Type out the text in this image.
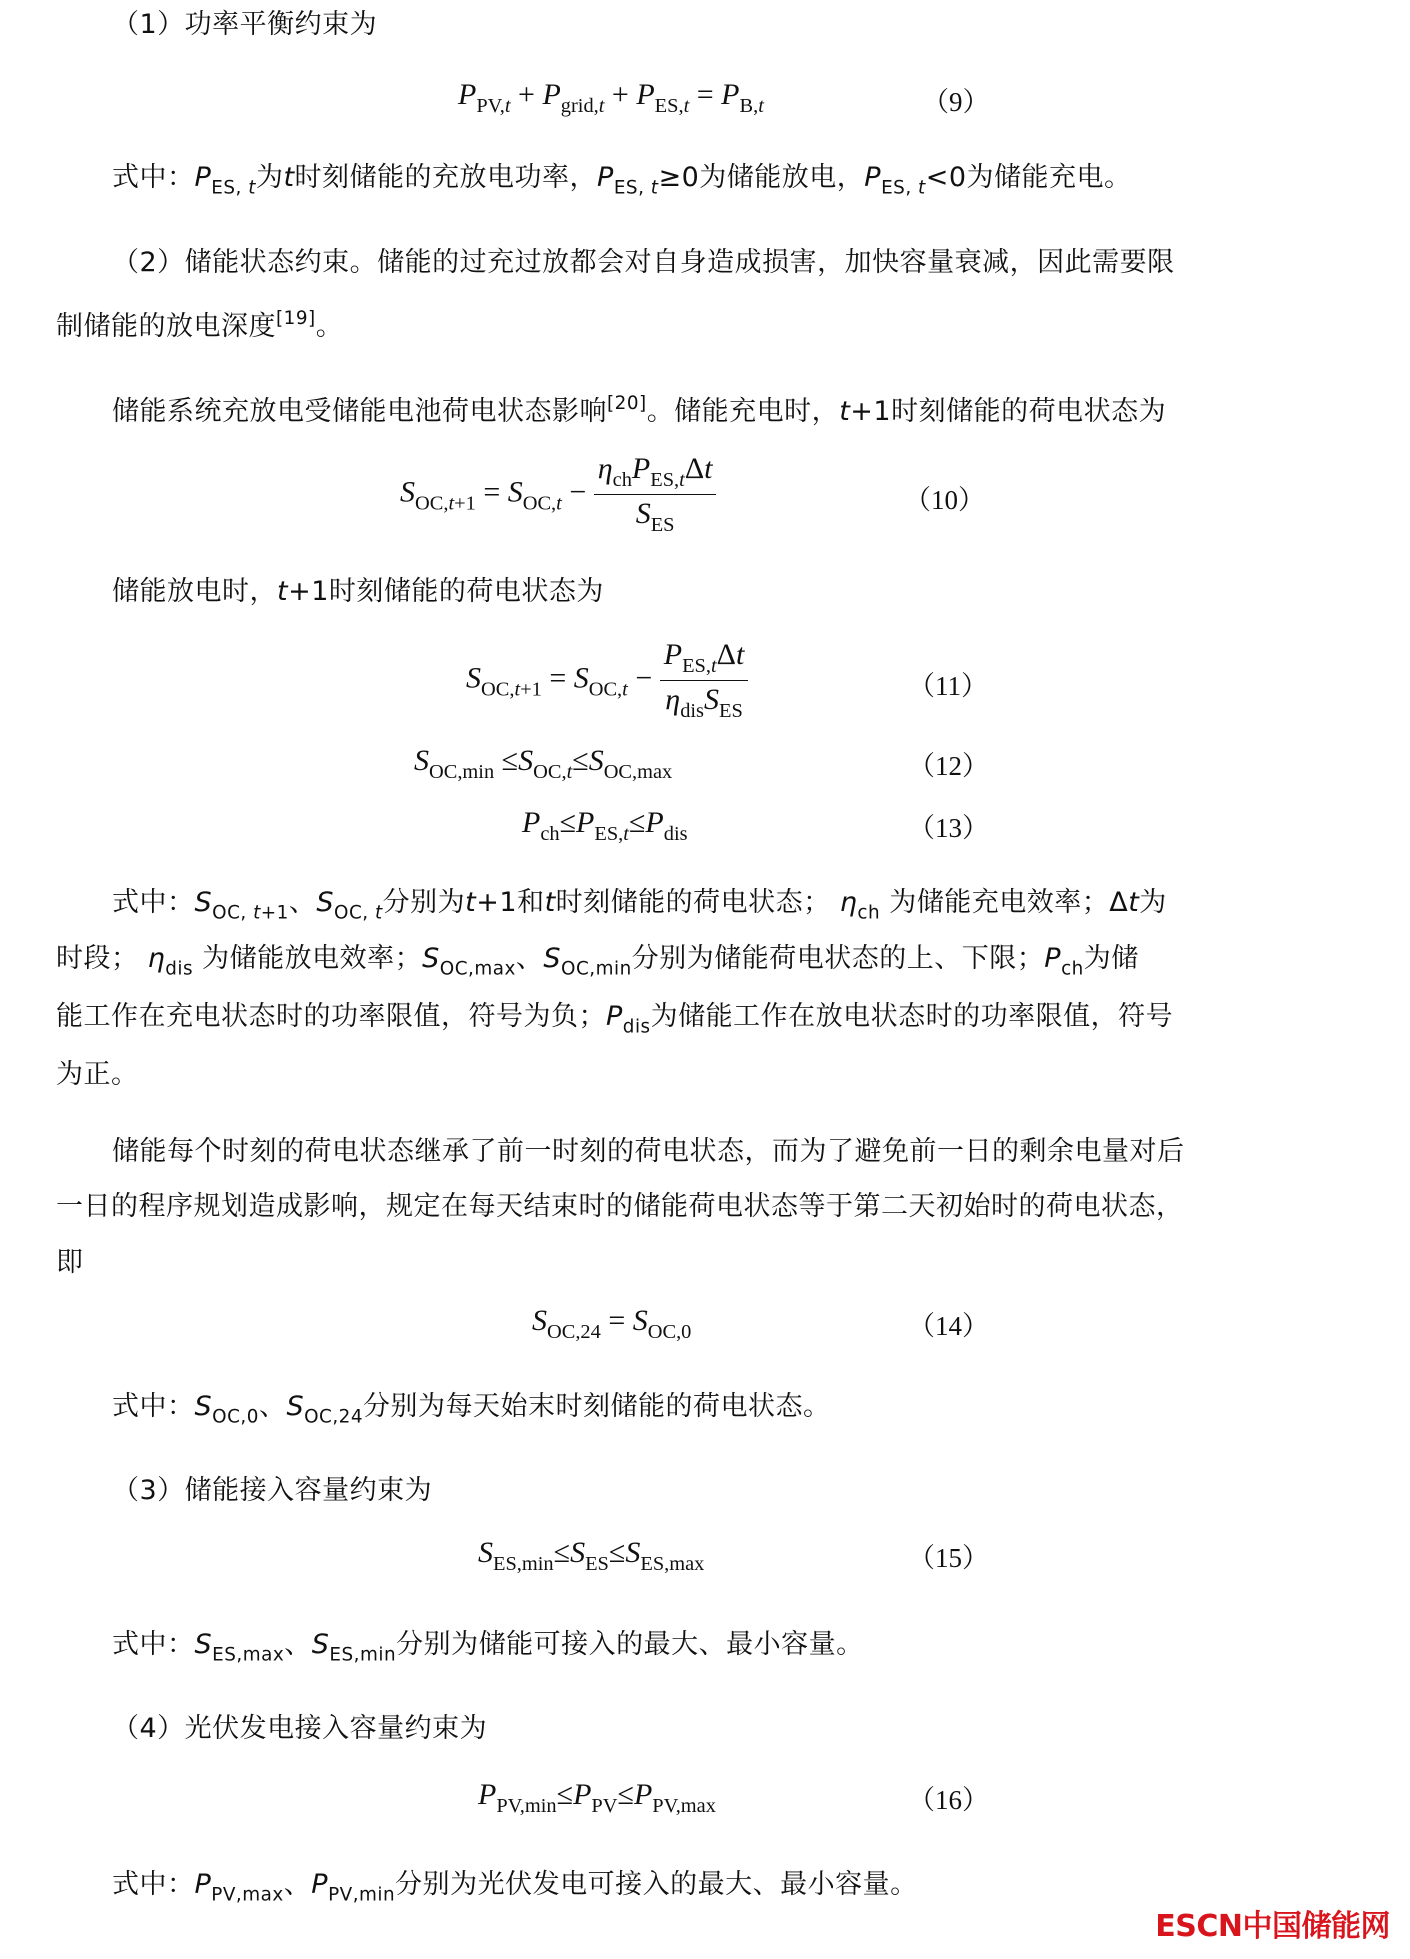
（1）功率平衡约束为
$P_{PV,t} + P_{grid,t} + P_{ES,t} = P_{B,t}$	（9）
式中：$P_{ES, t}$为t时刻储能的充放电功率，$P_{ES, t}\ge 0$为储能放电，$P_{ES, t}<0$为储能充电。
（2）储能状态约束。储能的过充过放都会对自身造成损害，加快容量衰减，因此需要限
制储能的放电深度[19]。
储能系统充放电受储能电池荷电状态影响[20]。储能充电时，t+1时刻储能的荷电状态为
$S_{OC,t+1} = S_{OC,t} - \frac{\eta_{ch}P_{ES,t}\Delta t}{S_{ES}}$	（10）
储能放电时，t+1时刻储能的荷电状态为
$S_{OC,t+1} = S_{OC,t} - \frac{P_{ES,t}\Delta t}{\eta_{dis}S_{ES}}$	（11）
$S_{OC,min} \le S_{OC,t}\le S_{OC,max}$	（12）
$P_{ch}\le P_{ES,t}\le P_{dis}$	（13）
式中：$S_{OC, t+1}$、$S_{OC, t}$分别为t+1和t时刻储能的荷电状态； $\eta_{ch}$ 为储能充电效率；Δt为
时段； $\eta_{dis}$ 为储能放电效率；$S_{OC,max}$、$S_{OC,min}$分别为储能荷电状态的上、下限；$P_{ch}$为储
能工作在充电状态时的功率限值，符号为负；$P_{dis}$为储能工作在放电状态时的功率限值，符号
为正。
储能每个时刻的荷电状态继承了前一时刻的荷电状态，而为了避免前一日的剩余电量对后
一日的程序规划造成影响，规定在每天结束时的储能荷电状态等于第二天初始时的荷电状态，
即
$S_{OC,24} = S_{OC,0}$	（14）
式中：$S_{OC,0}$、$S_{OC,24}$分别为每天始末时刻储能的荷电状态。
（3）储能接入容量约束为
$S_{ES,min}\le S_{ES}\le S_{ES,max}$	（15）
式中：$S_{ES,max}$、$S_{ES,min}$分别为储能可接入的最大、最小容量。
（4）光伏发电接入容量约束为
$P_{PV,min}\le P_{PV}\le P_{PV,max}$	（16）
式中：$P_{PV,max}$、$P_{PV,min}$分别为光伏发电可接入的最大、最小容量。
ESCN中国储能网
